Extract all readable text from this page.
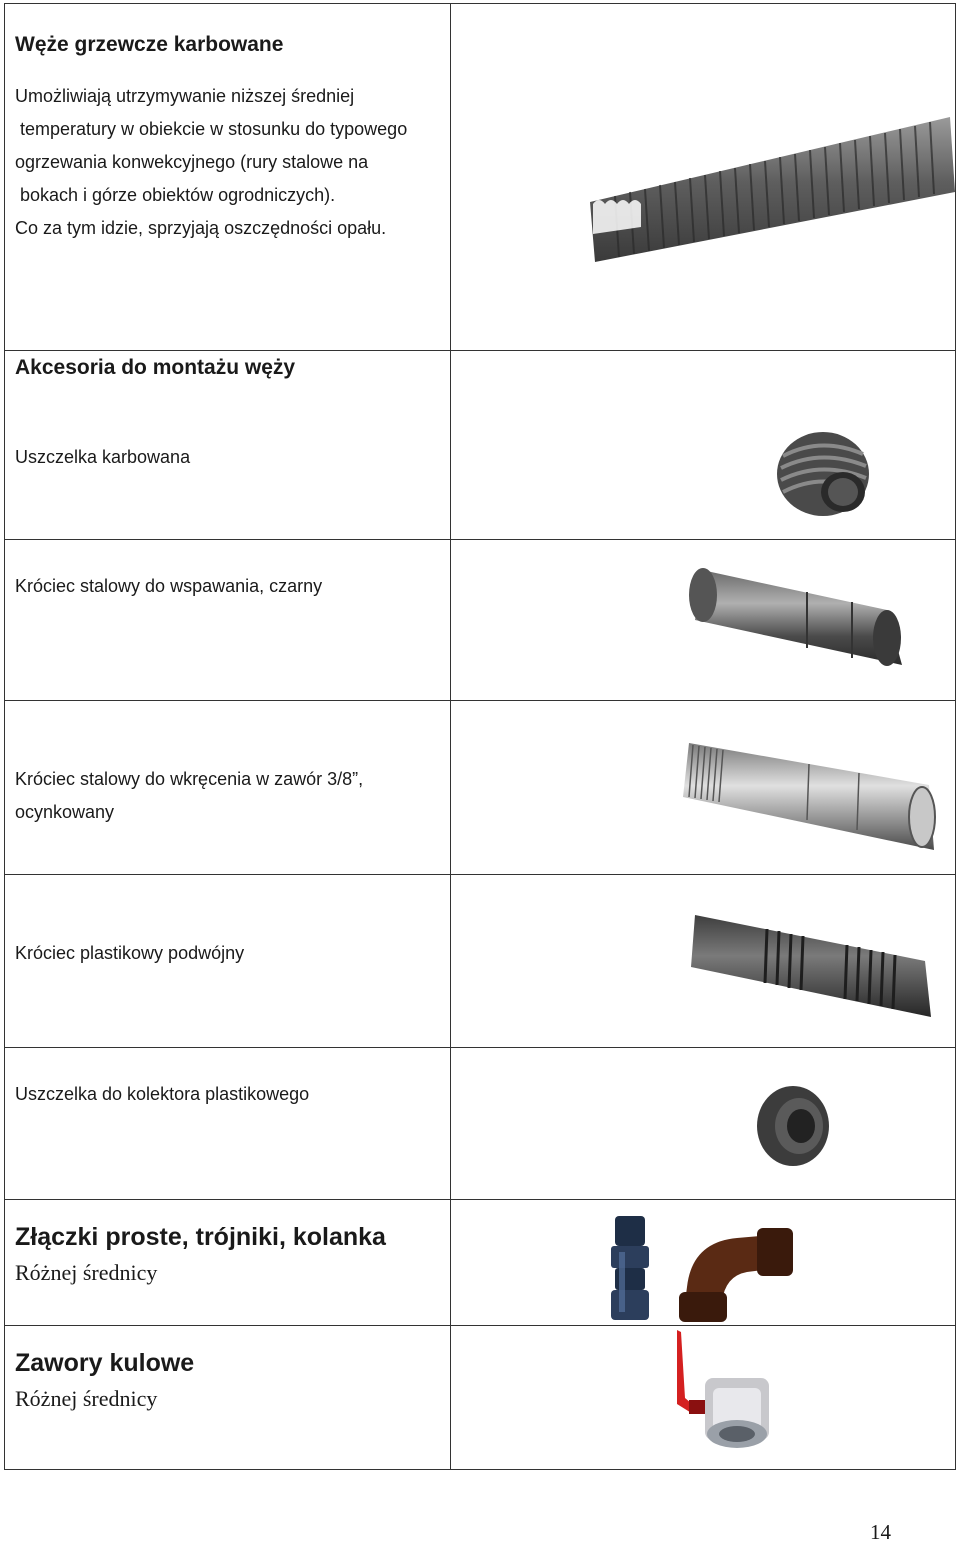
Węże grzewcze karbowane
Umożliwiają utrzymywanie niższej średniej
temperatury w obiekcie w stosunku do typowego
ogrzewania konwekcyjnego (rury stalowe na
bokach i górze obiektów ogrodniczych).
Co za tym idzie, sprzyjają oszczędności opału.
Akcesoria do montażu węży
Uszczelka karbowana
Króciec stalowy do wspawania, czarny
Króciec stalowy do wkręcenia w zawór 3/8”,
ocynkowany
Króciec plastikowy podwójny
Uszczelka do kolektora plastikowego
Złączki proste, trójniki, kolanka
Różnej średnicy
Zawory kulowe
Różnej średnicy
14
